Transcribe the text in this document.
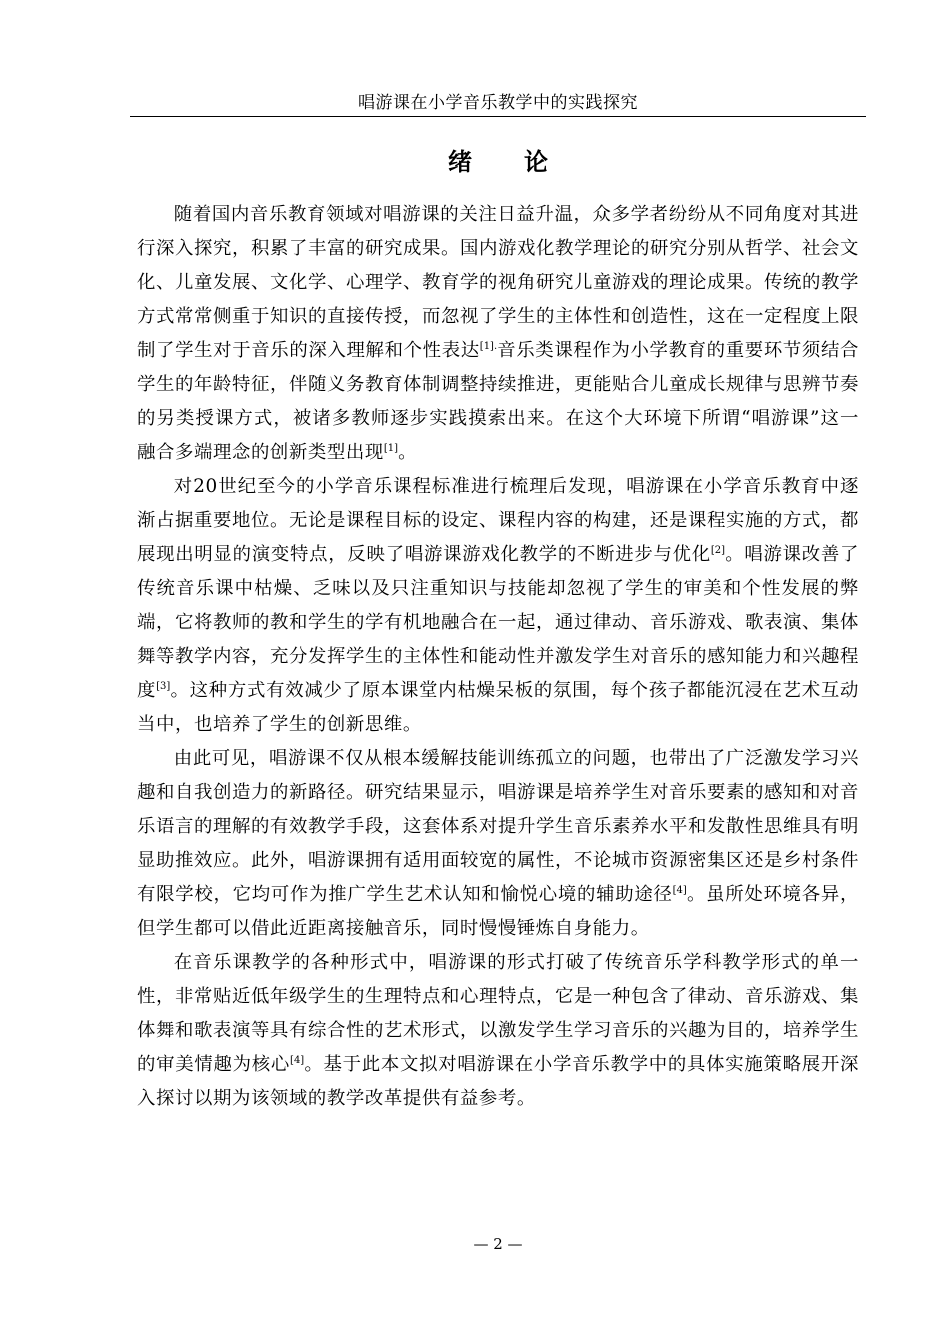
唱游课在小学音乐教学中的实践探究
绪 论

随着国内音乐教育领域对唱游课的关注日益升温，众多学者纷纷从不同角度对其进行深入探究，积累了丰富的研究成果。国内游戏化教学理论的研究分别从哲学、社会文化、儿童发展、文化学、心理学、教育学的视角研究儿童游戏的理论成果。传统的教学方式常常侧重于知识的直接传授，而忽视了学生的主体性和创造性，这在一定程度上限制了学生对于音乐的深入理解和个性表达$^{[1].}$音乐类课程作为小学教育的重要环节须结合学生的年龄特征，伴随义务教育体制调整持续推进，更能贴合儿童成长规律与思辨节奏的另类授课方式，被诸多教师逐步实践摸索出来。在这个大环境下所谓“唱游课”这一融合多端理念的创新类型出现[1]。

对20世纪至今的小学音乐课程标准进行梳理后发现，唱游课在小学音乐教育中逐渐占据重要地位。无论是课程目标的设定、课程内容的构建，还是课程实施的方式，都展现出明显的演变特点，反映了唱游课游戏化教学的不断进步与优化[2]。唱游课改善了传统音乐课中枯燥、乏味以及只注重知识与技能却忽视了学生的审美和个性发展的弊端，它将教师的教和学生的学有机地融合在一起，通过律动、音乐游戏、歌表演、集体舞等教学内容，充分发挥学生的主体性和能动性并激发学生对音乐的感知能力和兴趣程度[3]。这种方式有效减少了原本课堂内枯燥呆板的氛围，每个孩子都能沉浸在艺术互动当中，也培养了学生的创新思维。

由此可见，唱游课不仅从根本缓解技能训练孤立的问题，也带出了广泛激发学习兴趣和自我创造力的新路径。研究结果显示，唱游课是培养学生对音乐要素的感知和对音乐语言的理解的有效教学手段，这套体系对提升学生音乐素养水平和发散性思维具有明显助推效应。此外，唱游课拥有适用面较宽的属性，不论城市资源密集区还是乡村条件有限学校，它均可作为推广学生艺术认知和愉悦心境的辅助途径[4]。虽所处环境各异，但学生都可以借此近距离接触音乐，同时慢慢锤炼自身能力。

在音乐课教学的各种形式中，唱游课的形式打破了传统音乐学科教学形式的单一性，非常贴近低年级学生的生理特点和心理特点，它是一种包含了律动、音乐游戏、集体舞和歌表演等具有综合性的艺术形式，以激发学生学习音乐的兴趣为目的，培养学生的审美情趣为核心[4]。基于此本文拟对唱游课在小学音乐教学中的具体实施策略展开深入探讨以期为该领域的教学改革提供有益参考。

— 2 —
